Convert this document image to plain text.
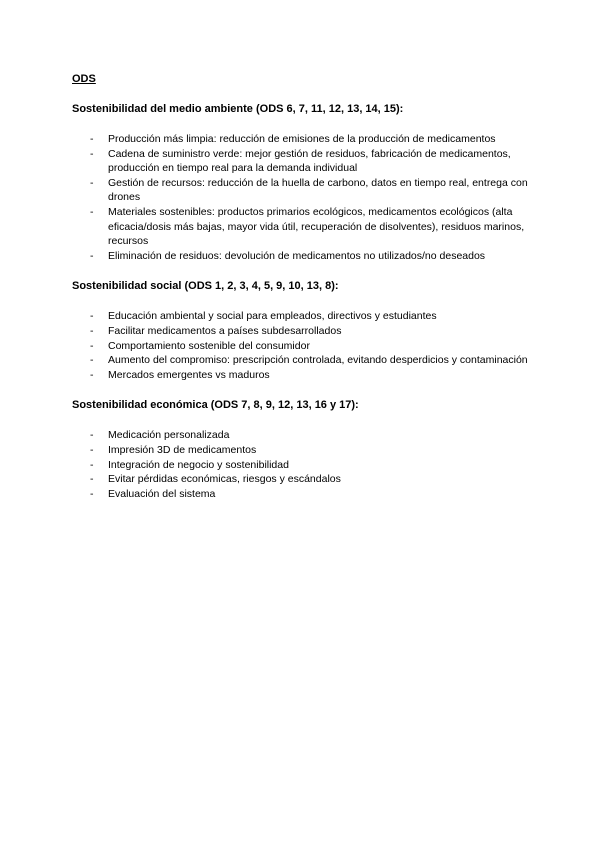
ODS
Sostenibilidad del medio ambiente (ODS 6, 7, 11, 12, 13, 14, 15):
- Producción más limpia: reducción de emisiones de la producción de medicamentos
- Cadena de suministro verde: mejor gestión de residuos, fabricación de medicamentos, producción en tiempo real para la demanda individual
- Gestión de recursos: reducción de la huella de carbono, datos en tiempo real, entrega con drones
- Materiales sostenibles: productos primarios ecológicos, medicamentos ecológicos (alta eficacia/dosis más bajas, mayor vida útil, recuperación de disolventes), residuos marinos, recursos
- Eliminación de residuos: devolución de medicamentos no utilizados/no deseados
Sostenibilidad social (ODS 1, 2, 3, 4, 5, 9, 10, 13, 8):
- Educación ambiental y social para empleados, directivos y estudiantes
- Facilitar medicamentos a países subdesarrollados
- Comportamiento sostenible del consumidor
- Aumento del compromiso: prescripción controlada, evitando desperdicios y contaminación
- Mercados emergentes vs maduros
Sostenibilidad económica (ODS 7, 8, 9, 12, 13, 16 y 17):
- Medicación personalizada
- Impresión 3D de medicamentos
- Integración de negocio y sostenibilidad
- Evitar pérdidas económicas, riesgos y escándalos
- Evaluación del sistema
